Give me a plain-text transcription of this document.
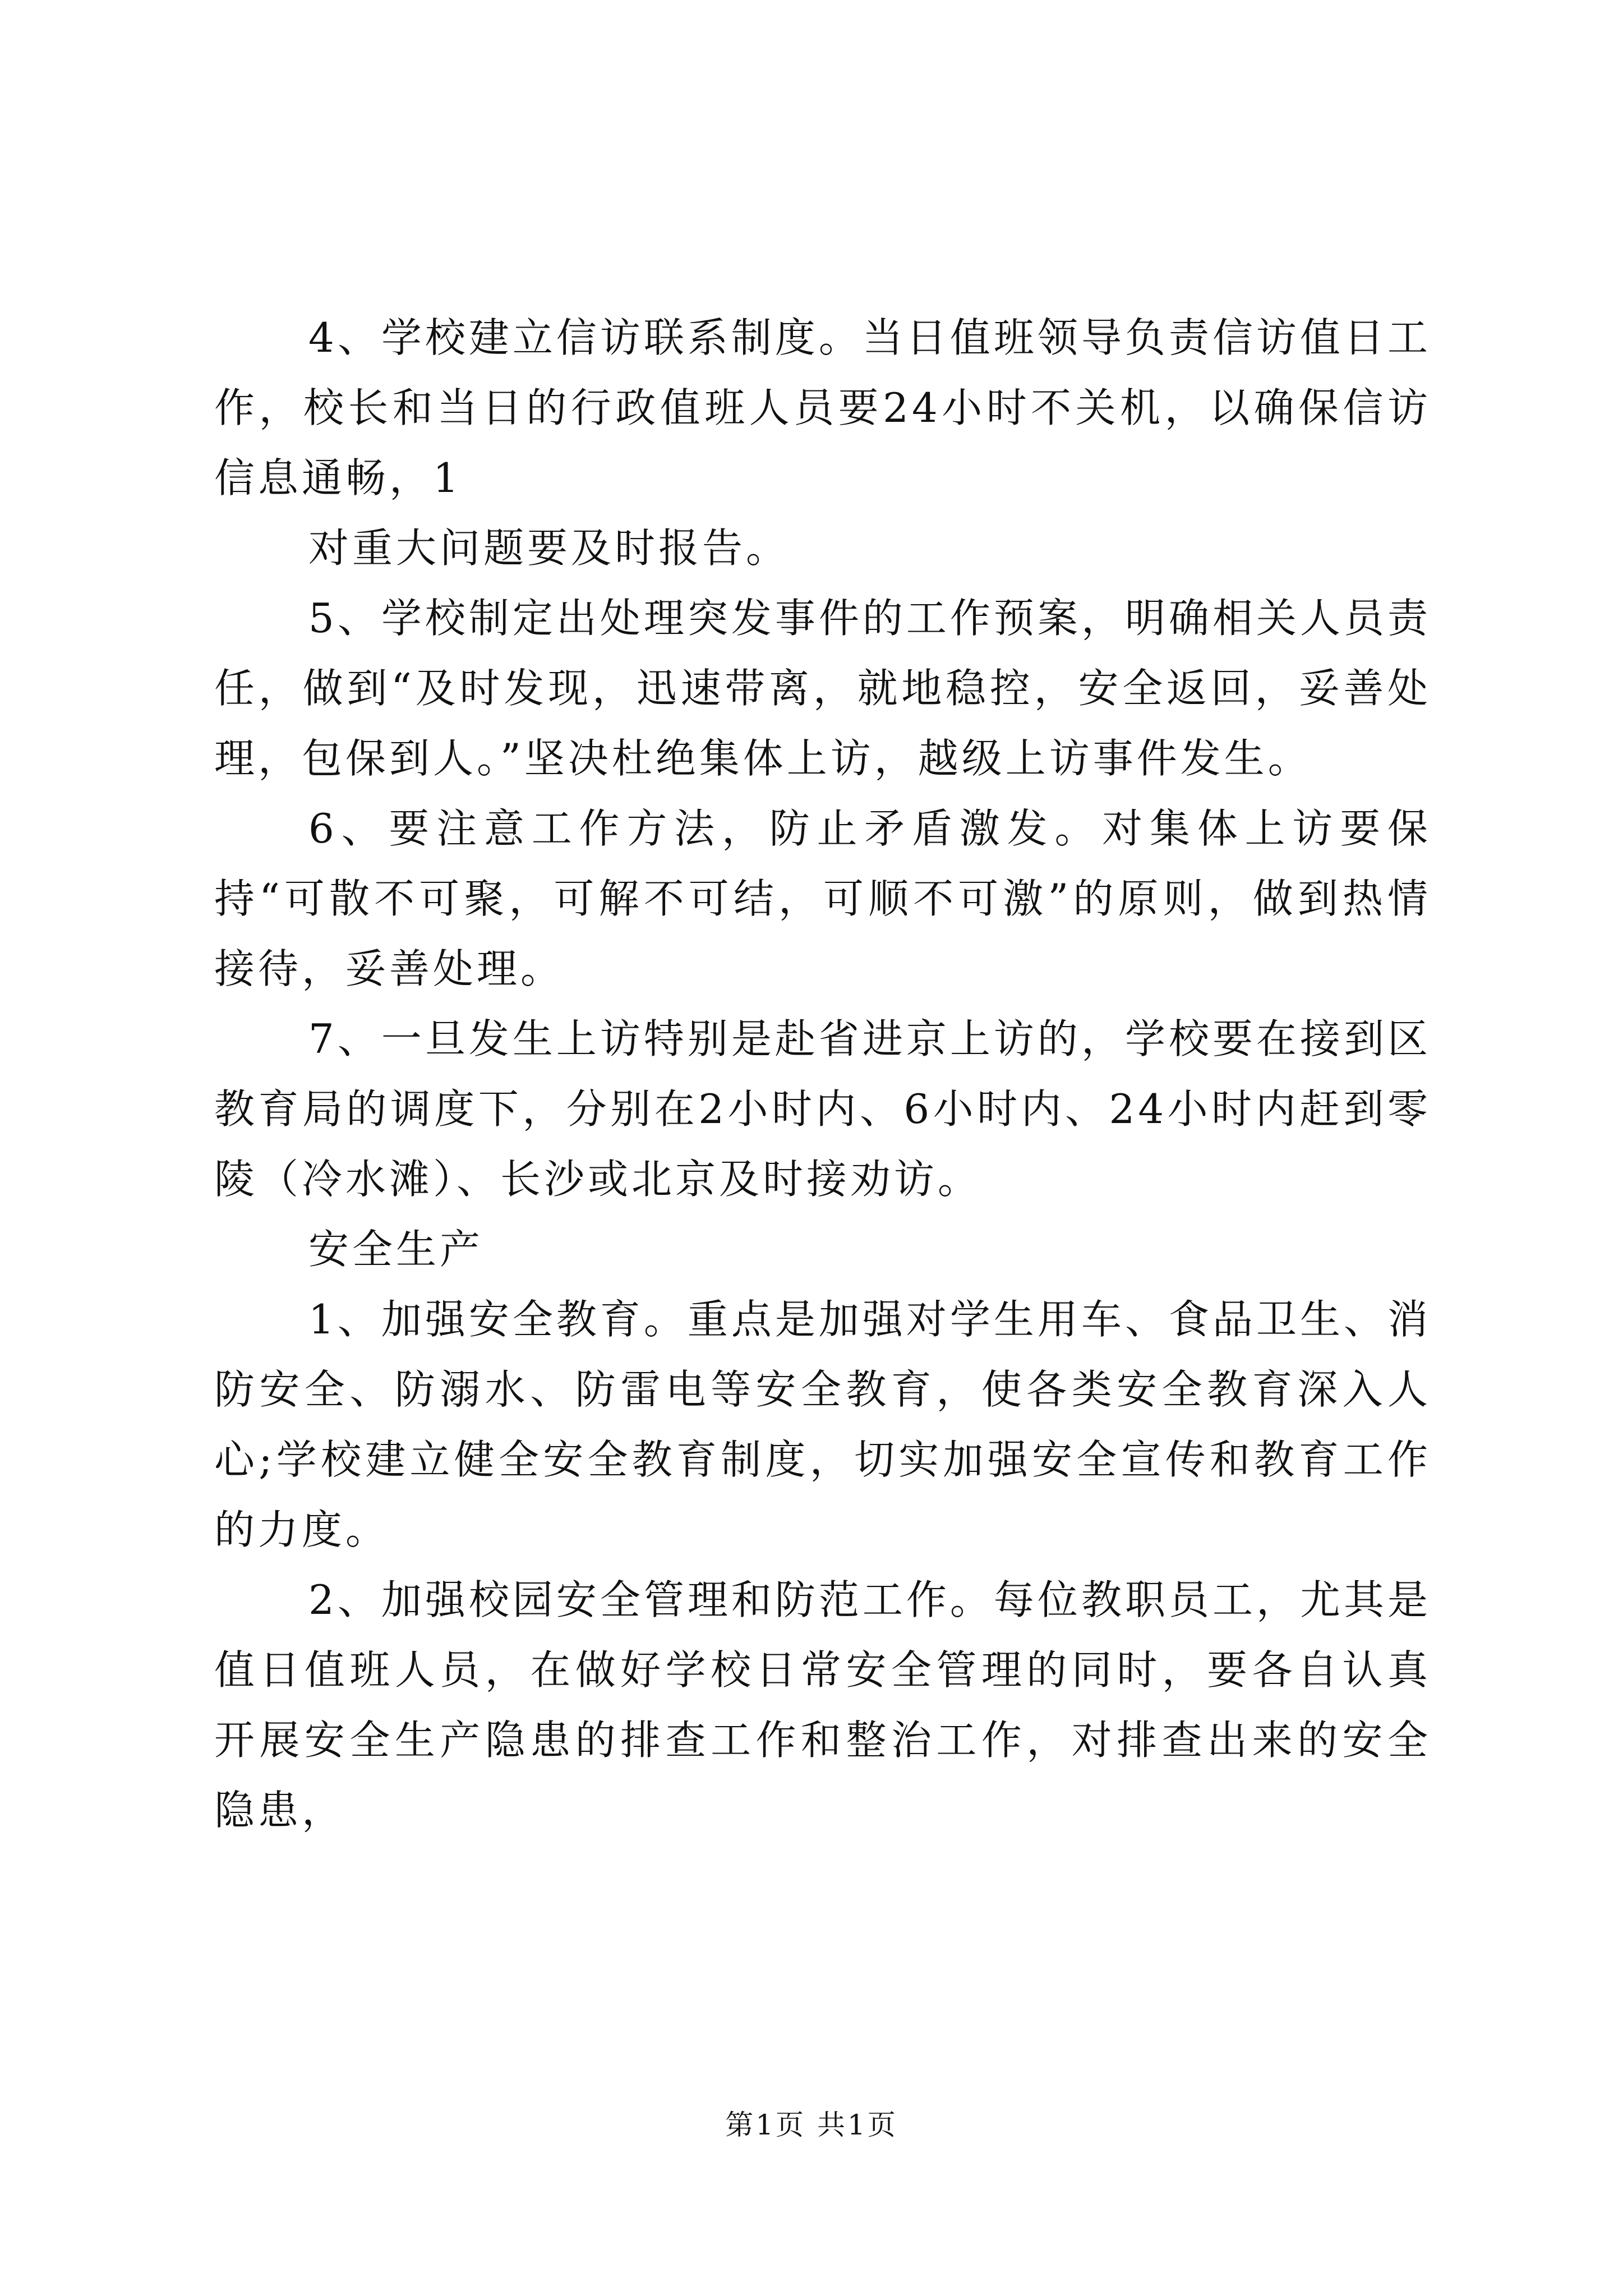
4、学校建立信访联系制度。当日值班领导负责信访值日工作，校长和当日的行政值班人员要24小时不关机，以确保信访信息通畅，1

对重大问题要及时报告。

5、学校制定出处理突发事件的工作预案，明确相关人员责任，做到“及时发现，迅速带离，就地稳控，安全返回，妥善处理，包保到人。”坚决杜绝集体上访，越级上访事件发生。

6、要注意工作方法，防止矛盾激发。对集体上访要保持“可散不可聚，可解不可结，可顺不可激”的原则，做到热情接待，妥善处理。

7、一旦发生上访特别是赴省进京上访的，学校要在接到区教育局的调度下，分别在2小时内、6小时内、24小时内赶到零陵（冷水滩）、长沙或北京及时接劝访。

安全生产

1、加强安全教育。重点是加强对学生用车、食品卫生、消防安全、防溺水、防雷电等安全教育，使各类安全教育深入人心;学校建立健全安全教育制度，切实加强安全宣传和教育工作的力度。

2、加强校园安全管理和防范工作。每位教职员工，尤其是值日值班人员，在做好学校日常安全管理的同时，要各自认真开展安全生产隐患的排查工作和整治工作，对排查出来的安全隐患，

第1页 共1页
